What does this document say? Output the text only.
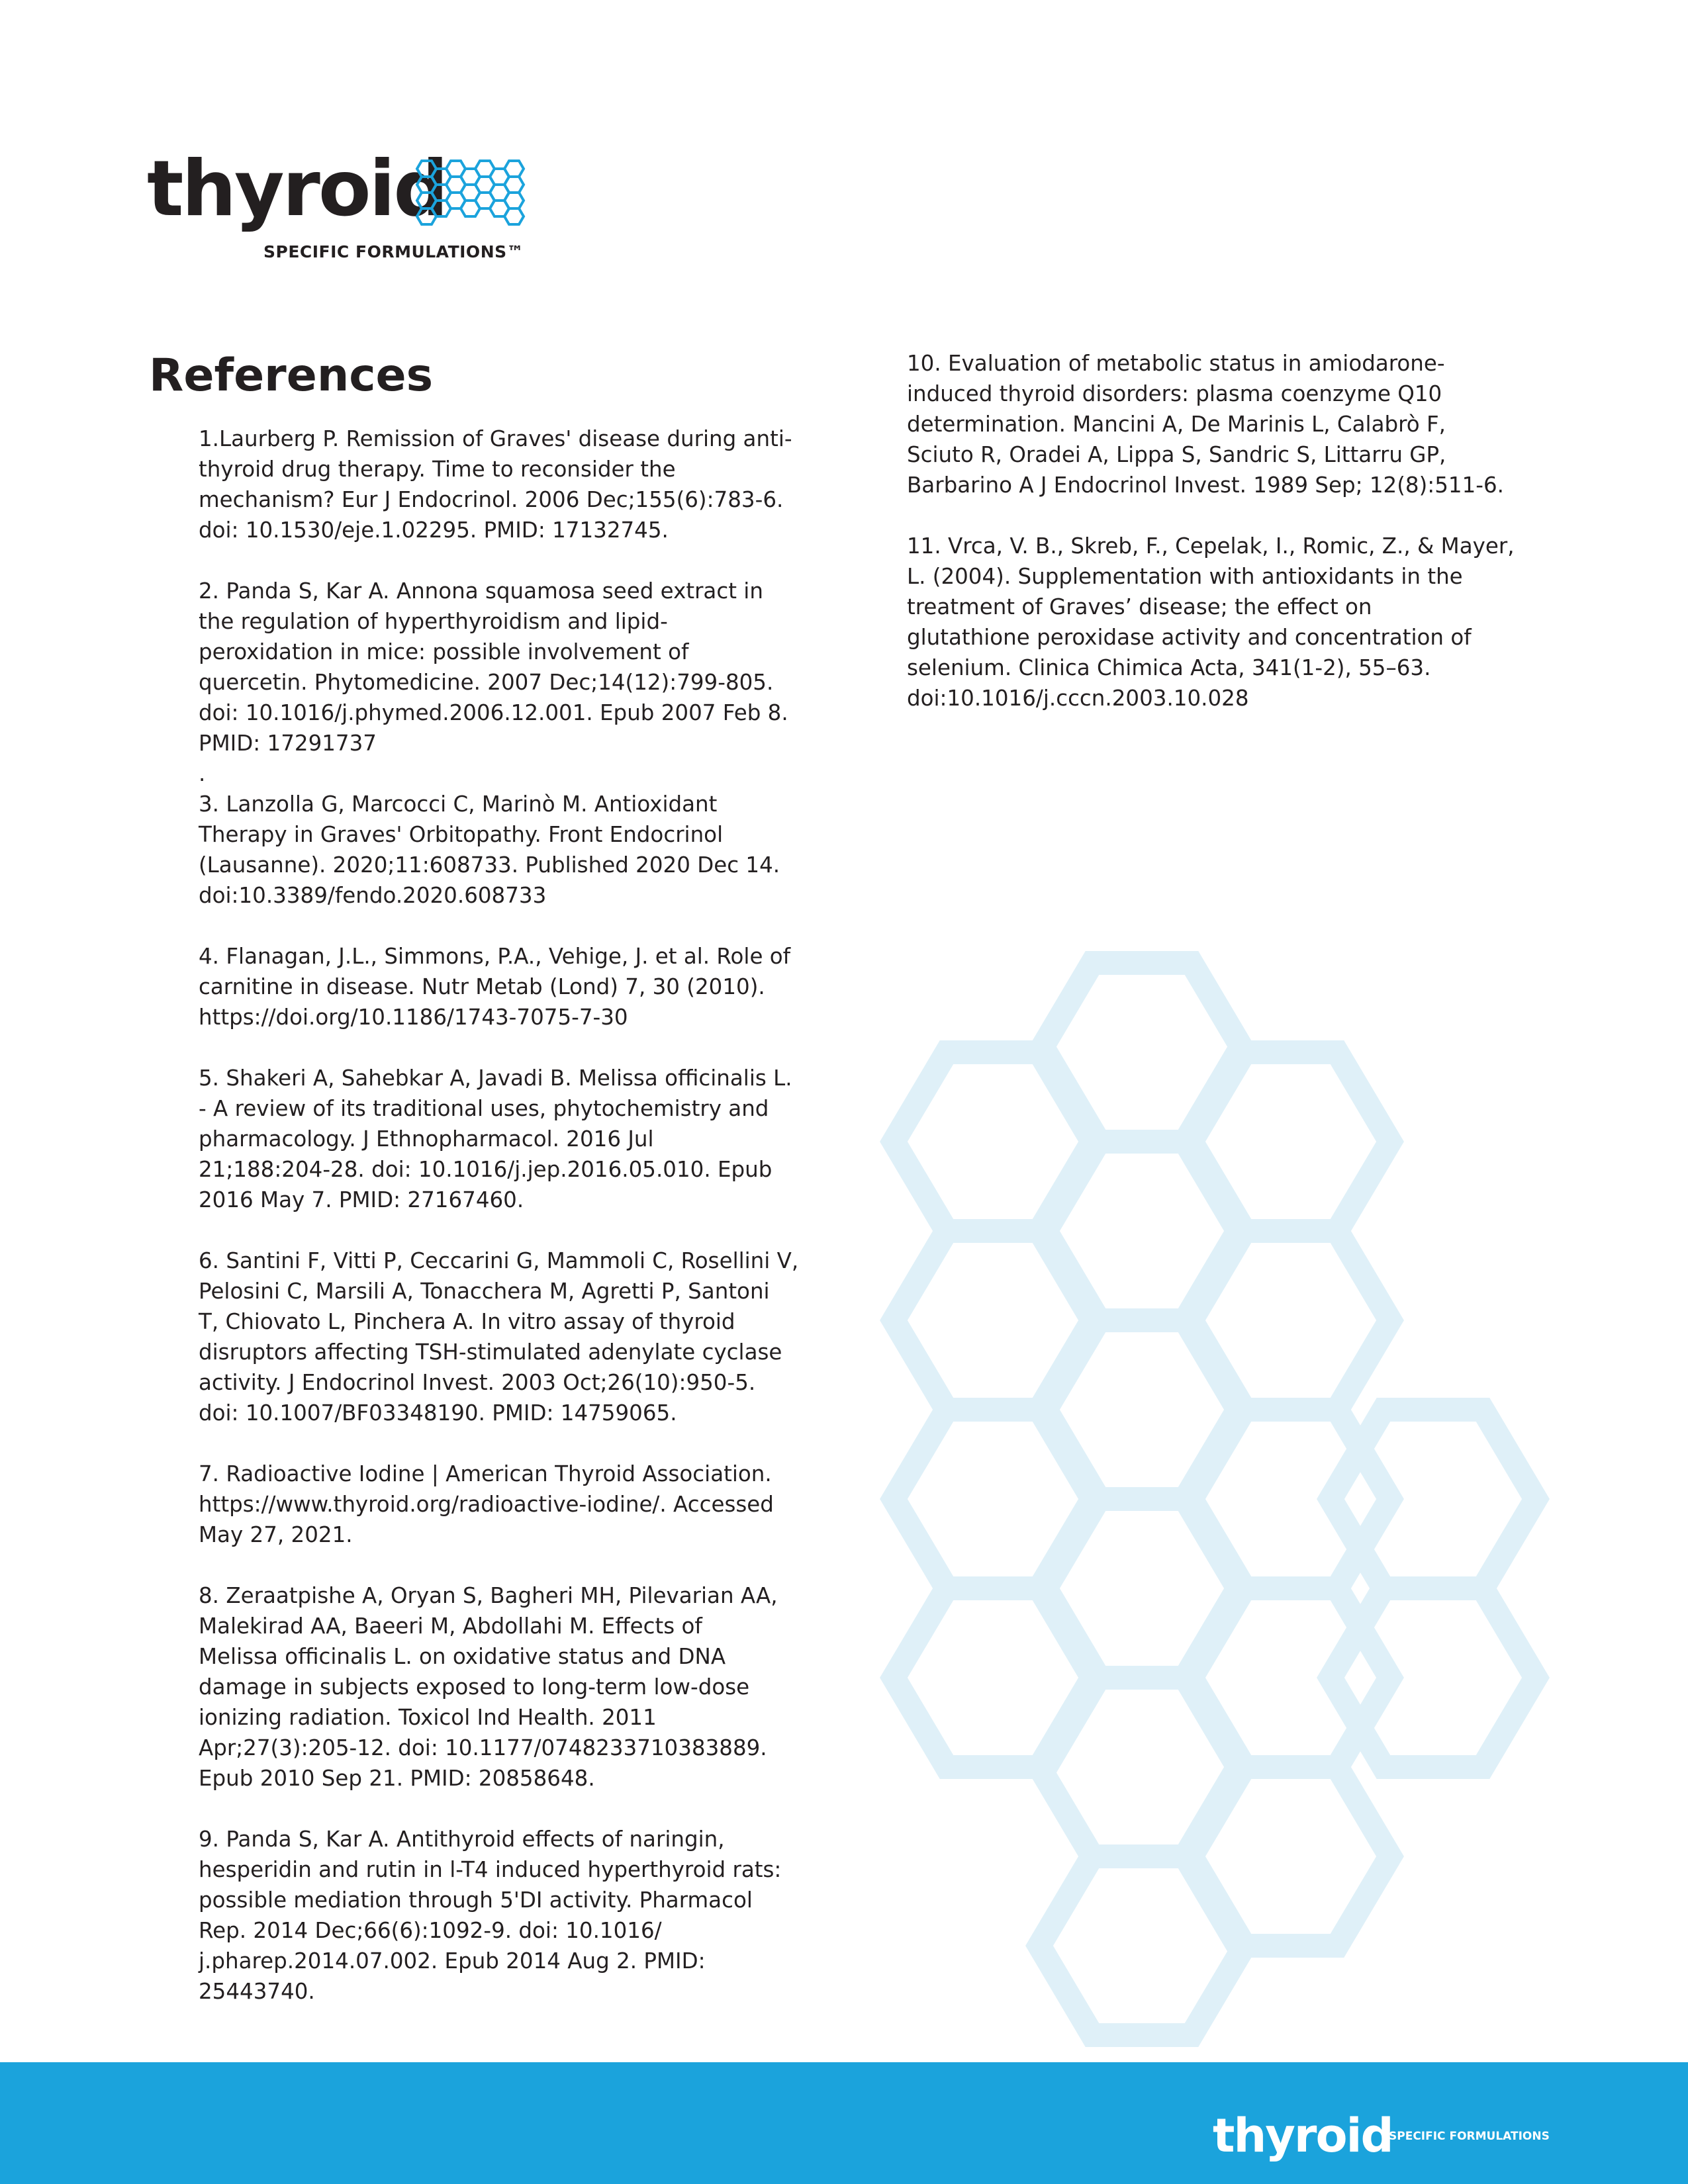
thyroid
SPECIFIC FORMULATIONS™
References

1.Laurberg P. Remission of Graves' disease during anti-
thyroid drug therapy. Time to reconsider the
mechanism? Eur J Endocrinol. 2006 Dec;155(6):783-6.
doi: 10.1530/eje.1.02295. PMID: 17132745.

2. Panda S, Kar A. Annona squamosa seed extract in
the regulation of hyperthyroidism and lipid-
peroxidation in mice: possible involvement of
quercetin. Phytomedicine. 2007 Dec;14(12):799-805.
doi: 10.1016/j.phymed.2006.12.001. Epub 2007 Feb 8.
PMID: 17291737
.

3. Lanzolla G, Marcocci C, Marinò M. Antioxidant
Therapy in Graves' Orbitopathy. Front Endocrinol
(Lausanne). 2020;11:608733. Published 2020 Dec 14.
doi:10.3389/fendo.2020.608733

4. Flanagan, J.L., Simmons, P.A., Vehige, J. et al. Role of
carnitine in disease. Nutr Metab (Lond) 7, 30 (2010).
https://doi.org/10.1186/1743-7075-7-30

5. Shakeri A, Sahebkar A, Javadi B. Melissa officinalis L.
- A review of its traditional uses, phytochemistry and
pharmacology. J Ethnopharmacol. 2016 Jul
21;188:204-28. doi: 10.1016/j.jep.2016.05.010. Epub
2016 May 7. PMID: 27167460.

6. Santini F, Vitti P, Ceccarini G, Mammoli C, Rosellini V,
Pelosini C, Marsili A, Tonacchera M, Agretti P, Santoni
T, Chiovato L, Pinchera A. In vitro assay of thyroid
disruptors affecting TSH-stimulated adenylate cyclase
activity. J Endocrinol Invest. 2003 Oct;26(10):950-5.
doi: 10.1007/BF03348190. PMID: 14759065.

7. Radioactive Iodine | American Thyroid Association.
https://www.thyroid.org/radioactive-iodine/. Accessed
May 27, 2021.

8. Zeraatpishe A, Oryan S, Bagheri MH, Pilevarian AA,
Malekirad AA, Baeeri M, Abdollahi M. Effects of
Melissa officinalis L. on oxidative status and DNA
damage in subjects exposed to long-term low-dose
ionizing radiation. Toxicol Ind Health. 2011
Apr;27(3):205-12. doi: 10.1177/0748233710383889.
Epub 2010 Sep 21. PMID: 20858648.

9. Panda S, Kar A. Antithyroid effects of naringin,
hesperidin and rutin in l-T4 induced hyperthyroid rats:
possible mediation through 5'DI activity. Pharmacol
Rep. 2014 Dec;66(6):1092-9. doi: 10.1016/
j.pharep.2014.07.002. Epub 2014 Aug 2. PMID:
25443740.

10. Evaluation of metabolic status in amiodarone-
induced thyroid disorders: plasma coenzyme Q10
determination. Mancini A, De Marinis L, Calabrò F,
Sciuto R, Oradei A, Lippa S, Sandric S, Littarru GP,
Barbarino A J Endocrinol Invest. 1989 Sep; 12(8):511-6.

11. Vrca, V. B., Skreb, F., Cepelak, I., Romic, Z., & Mayer,
L. (2004). Supplementation with antioxidants in the
treatment of Graves’ disease; the effect on
glutathione peroxidase activity and concentration of
selenium. Clinica Chimica Acta, 341(1-2), 55–63.
doi:10.1016/j.cccn.2003.10.028

thyroid
SPECIFIC FORMULATIONS
